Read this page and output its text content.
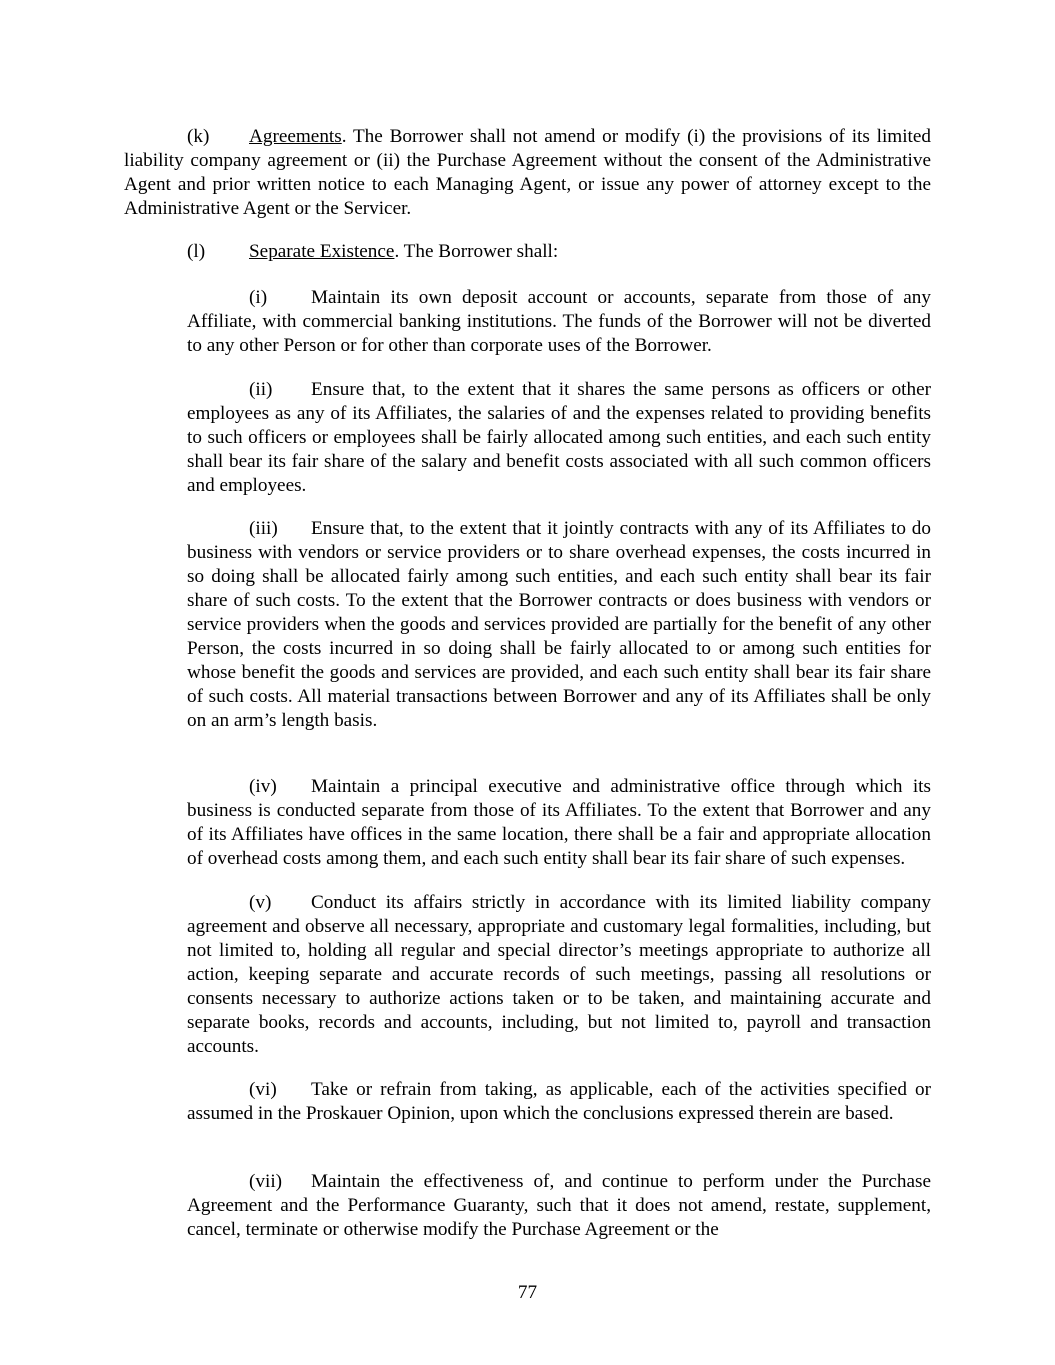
(k) Agreements. The Borrower shall not amend or modify (i) the provisions of its limited liability company agreement or (ii) the Purchase Agreement without the consent of the Administrative Agent and prior written notice to each Managing Agent, or issue any power of attorney except to the Administrative Agent or the Servicer.

(l) Separate Existence. The Borrower shall:

(i) Maintain its own deposit account or accounts, separate from those of any Affiliate, with commercial banking institutions. The funds of the Borrower will not be diverted to any other Person or for other than corporate uses of the Borrower.

(ii) Ensure that, to the extent that it shares the same persons as officers or other employees as any of its Affiliates, the salaries of and the expenses related to providing benefits to such officers or employees shall be fairly allocated among such entities, and each such entity shall bear its fair share of the salary and benefit costs associated with all such common officers and employees.

(iii) Ensure that, to the extent that it jointly contracts with any of its Affiliates to do business with vendors or service providers or to share overhead expenses, the costs incurred in so doing shall be allocated fairly among such entities, and each such entity shall bear its fair share of such costs. To the extent that the Borrower contracts or does business with vendors or service providers when the goods and services provided are partially for the benefit of any other Person, the costs incurred in so doing shall be fairly allocated to or among such entities for whose benefit the goods and services are provided, and each such entity shall bear its fair share of such costs. All material transactions between Borrower and any of its Affiliates shall be only on an arm’s length basis.

(iv) Maintain a principal executive and administrative office through which its business is conducted separate from those of its Affiliates. To the extent that Borrower and any of its Affiliates have offices in the same location, there shall be a fair and appropriate allocation of overhead costs among them, and each such entity shall bear its fair share of such expenses.

(v) Conduct its affairs strictly in accordance with its limited liability company agreement and observe all necessary, appropriate and customary legal formalities, including, but not limited to, holding all regular and special director’s meetings appropriate to authorize all action, keeping separate and accurate records of such meetings, passing all resolutions or consents necessary to authorize actions taken or to be taken, and maintaining accurate and separate books, records and accounts, including, but not limited to, payroll and transaction accounts.

(vi) Take or refrain from taking, as applicable, each of the activities specified or assumed in the Proskauer Opinion, upon which the conclusions expressed therein are based.

(vii) Maintain the effectiveness of, and continue to perform under the Purchase Agreement and the Performance Guaranty, such that it does not amend, restate, supplement, cancel, terminate or otherwise modify the Purchase Agreement or the

77
